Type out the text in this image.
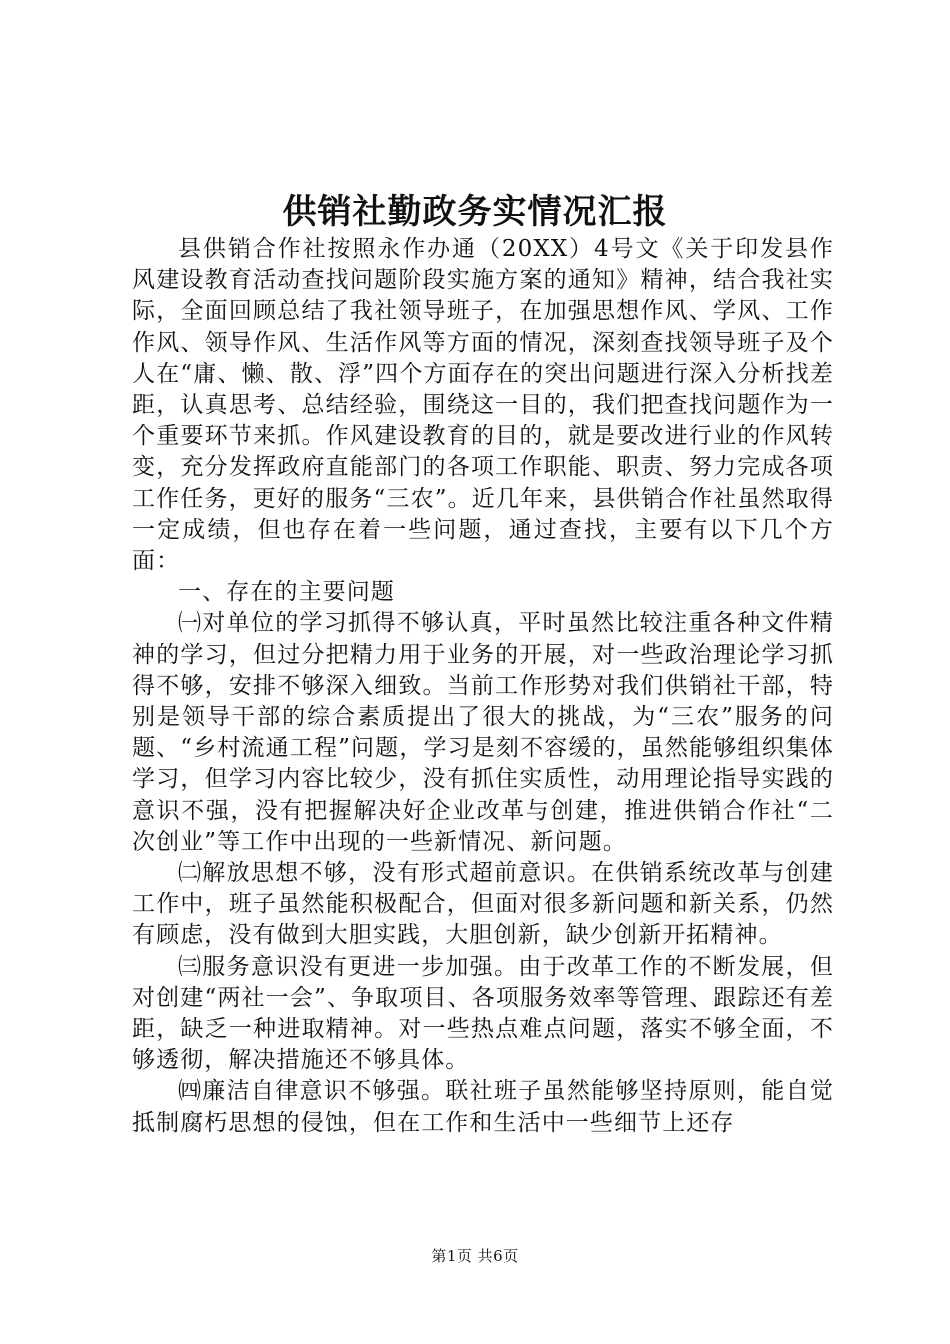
供销社勤政务实情况汇报

县供销合作社按照永作办通（20XX）4号文《关于印发县作风建设教育活动查找问题阶段实施方案的通知》精神，结合我社实际，全面回顾总结了我社领导班子，在加强思想作风、学风、工作作风、领导作风、生活作风等方面的情况，深刻查找领导班子及个人在“庸、懒、散、浮”四个方面存在的突出问题进行深入分析找差距，认真思考、总结经验，围绕这一目的，我们把查找问题作为一个重要环节来抓。作风建设教育的目的，就是要改进行业的作风转变，充分发挥政府直能部门的各项工作职能、职责、努力完成各项工作任务，更好的服务“三农”。近几年来，县供销合作社虽然取得一定成绩，但也存在着一些问题，通过查找，主要有以下几个方面：

一、存在的主要问题

㈠对单位的学习抓得不够认真，平时虽然比较注重各种文件精神的学习，但过分把精力用于业务的开展，对一些政治理论学习抓得不够，安排不够深入细致。当前工作形势对我们供销社干部，特别是领导干部的综合素质提出了很大的挑战，为“三农”服务的问题、“乡村流通工程”问题，学习是刻不容缓的，虽然能够组织集体学习，但学习内容比较少，没有抓住实质性，动用理论指导实践的意识不强，没有把握解决好企业改革与创建，推进供销合作社“二次创业”等工作中出现的一些新情况、新问题。

㈡解放思想不够，没有形式超前意识。在供销系统改革与创建工作中，班子虽然能积极配合，但面对很多新问题和新关系，仍然有顾虑，没有做到大胆实践，大胆创新，缺少创新开拓精神。

㈢服务意识没有更进一步加强。由于改革工作的不断发展，但对创建“两社一会”、争取项目、各项服务效率等管理、跟踪还有差距，缺乏一种进取精神。对一些热点难点问题，落实不够全面，不够透彻，解决措施还不够具体。

㈣廉洁自律意识不够强。联社班子虽然能够坚持原则，能自觉抵制腐朽思想的侵蚀，但在工作和生活中一些细节上还存

第1页 共6页
